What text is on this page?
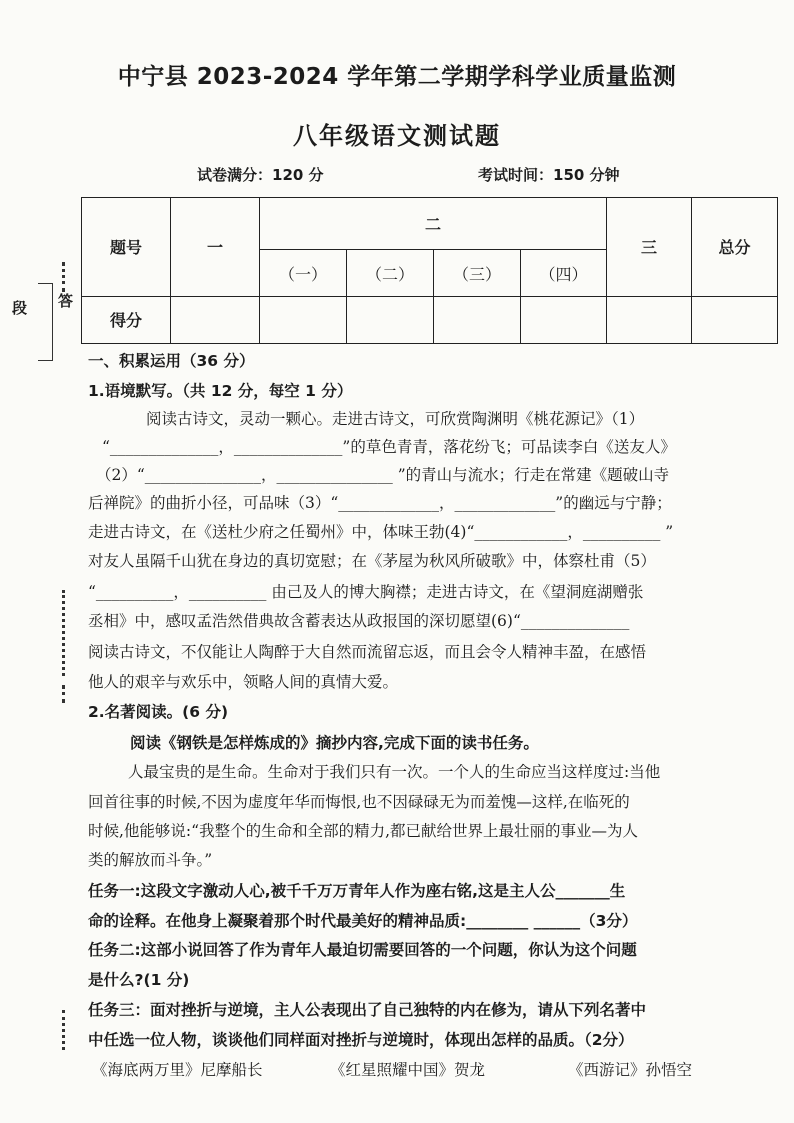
中宁县 2023-2024 学年第二学期学科学业质量监测
八年级语文测试题
试卷满分：120 分	考试时间：150 分钟
题号	一	二				三	总分
		（一）	（二）	（三）	（四）		
得分							
段 答
一、积累运用（36 分）
1.语境默写。（共 12 分，每空 1 分）
阅读古诗文，灵动一颗心。走进古诗文，可欣赏陶渊明《桃花源记》（1）
“______________，______________”的草色青青，落花纷飞；可品读李白《送友人》
（2）“_______________，_______________ ”的青山与流水；行走在常建《题破山寺
后禅院》的曲折小径，可品味（3）“_____________，_____________”的幽远与宁静；
走进古诗文，在《送杜少府之任蜀州》中，体味王勃(4)“____________，__________ ”
对友人虽隔千山犹在身边的真切宽慰；在《茅屋为秋风所破歌》中，体察杜甫（5）
“__________，__________ 由己及人的博大胸襟；走进古诗文，在《望洞庭湖赠张
丞相》中，感叹孟浩然借典故含蓄表达从政报国的深切愿望(6)“______________
阅读古诗文，不仅能让人陶醉于大自然而流留忘返，而且会令人精神丰盈，在感悟
他人的艰辛与欢乐中，领略人间的真情大爱。
2.名著阅读。(6 分)
阅读《钢铁是怎样炼成的》摘抄内容,完成下面的读书任务。
人最宝贵的是生命。生命对于我们只有一次。一个人的生命应当这样度过:当他
回首往事的时候,不因为虚度年华而悔恨,也不因碌碌无为而羞愧—这样,在临死的
时候,他能够说:“我整个的生命和全部的精力,都已献给世界上最壮丽的事业—为人
类的解放而斗争。”
任务一:这段文字激动人心,被千千万万青年人作为座右铭,这是主人公_______生
命的诠释。在他身上凝聚着那个时代最美好的精神品质:________ ______（3分）
任务二:这部小说回答了作为青年人最迫切需要回答的一个问题，你认为这个问题
是什么?(1 分)
任务三：面对挫折与逆境，主人公表现出了自己独特的内在修为，请从下列名著中
中任选一位人物，谈谈他们同样面对挫折与逆境时，体现出怎样的品质。（2分）
《海底两万里》尼摩船长	《红星照耀中国》贺龙	《西游记》孙悟空
